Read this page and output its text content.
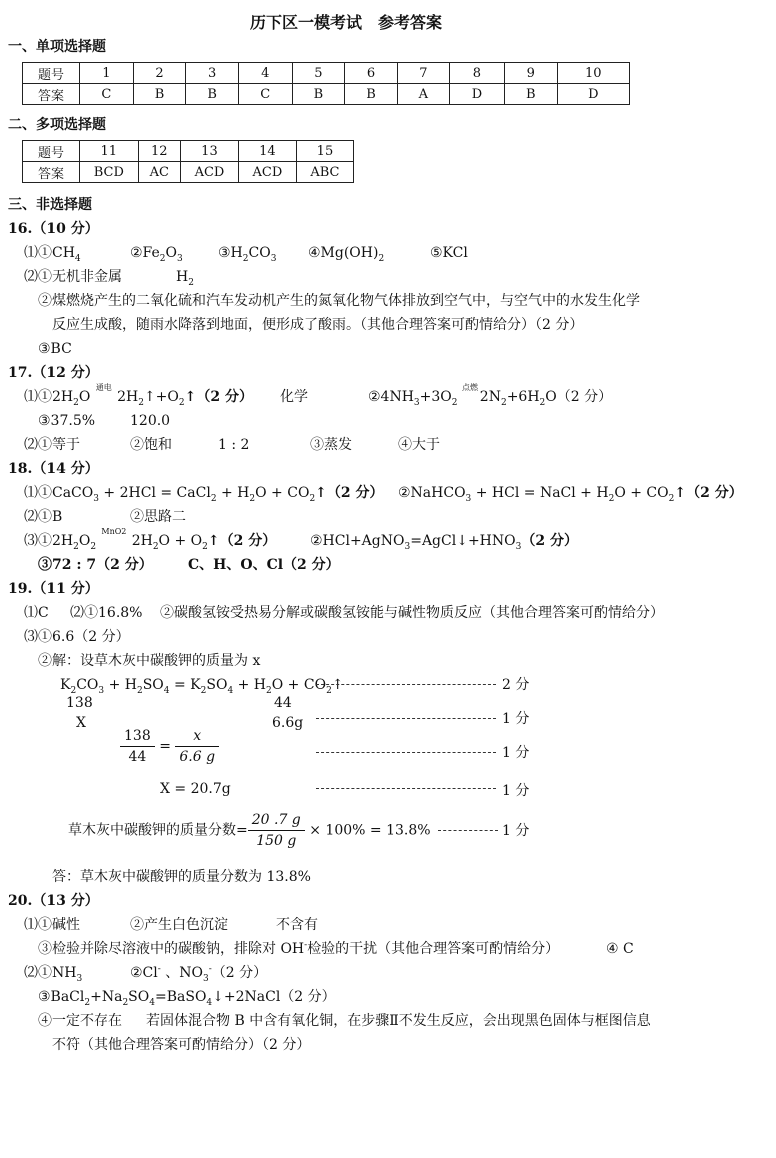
历下区一模考试　参考答案
一、单项选择题
题号	1	2	3	4	5	6	7	8	9	10
答案	C	B	B	C	B	B	A	D	B	D
二、多项选择题
题号	11	12	13	14	15
答案	BCD	AC	ACD	ACD	ABC
三、非选择题
16.（10 分）
$⑴①CH_4$	$②Fe_2O_3$	$③H_2CO_3$ $④Mg(OH)_2$	⑤KCl
⑵①无机非金属	$H_2$
②煤燃烧产生的二氧化硫和汽车发动机产生的氮氧化物气体排放到空气中，与空气中的水发生化学
反应生成酸，随雨水降落到地面，便形成了酸雨。（其他合理答案可酌情给分）（2 分）
③BC
17.（12 分）
$⑴①2H_2O$
通电
$2H_2↑+O_2↑(2$ 分） 化学	$②4NH_3+3O_2$
点燃
$2N_2+6H_2O(2$ 分）
③37.5% 120.0
⑵①等于	②饱和	1 : 2	③蒸发	④大于
18.（14 分）
⑴①CaCO$_3$ + 2HCl = CaCl$_2$ + $H_2O$ + $CO_2↑(2$ 分） ②NaHCO$_3$ + HCl = NaCl + $H_2O$ + $CO_2↑(2$ 分）
⑵①B	②思路二
$⑶①2H_2O_2$
MnO2
$2H_2O$ + $O_2↑(2$ 分） $②HCl+AgNO_3=AgCl↓+HNO_3(2$ 分）
③72 : 7（2 分）	C、H、O、Cl（2 分）
19.（11 分）
⑴C ⑵①16.8% ②碳酸氢铵受热易分解或碳酸氢铵能与碱性物质反应（其他合理答案可酌情给分）
⑶①6.6（2 分）
②解：设草木灰中碳酸钾的质量为 x
$K_2CO_3 + H_2SO_4 = K_2SO_4 + H_2O$ + $CO_2↑$	2 分
138	44
X	6.6g	1 分
$\frac{138}{44} = \frac{x}{6.6 g}$	1 分
X = 20.7g	1 分
草木灰中碳酸钾的质量分数= $\frac{20 .7 g}{150 g} \times 100\% = 13.8\%$	1 分
答：草木灰中碳酸钾的质量分数为 13.8%
20.（13 分）
⑴①碱性	②产生白色沉淀	不含有
③检验并除尽溶液中的碳酸钠，排除对 OH-检验的干扰（其他合理答案可酌情给分）	④ C
$⑵①NH_3$	②Cl- 、$NO_3^-(2$ 分）
$③BaCl_2+Na_2SO_4=BaSO_4↓+2NaCl(2$ 分）
④一定不存在 若固体混合物 B 中含有氧化铜，在步骤Ⅱ不发生反应，会出现黑色固体与框图信息
不符（其他合理答案可酌情给分）（2 分）
